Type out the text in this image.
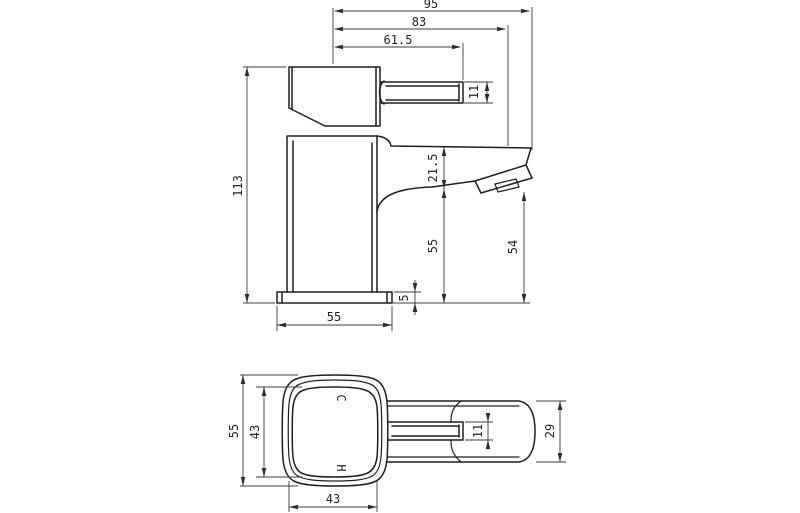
95
83
61.5
11
113
21.5
55	54
5
55
55 43
43
11	29
C
H
